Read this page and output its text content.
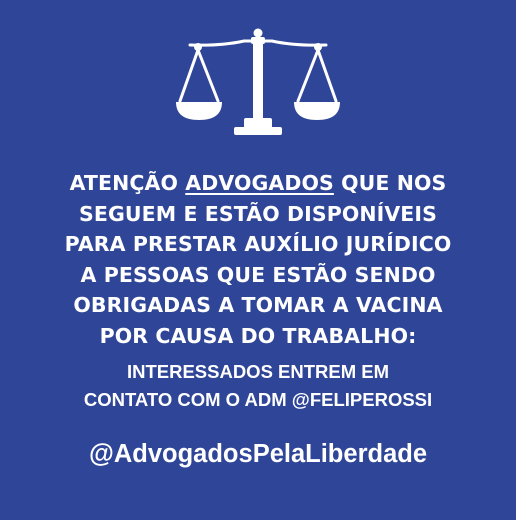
ATENÇÃO ADVOGADOS QUE NOS
SEGUEM E ESTÃO DISPONÍVEIS
PARA PRESTAR AUXÍLIO JURÍDICO
A PESSOAS QUE ESTÃO SENDO
OBRIGADAS A TOMAR A VACINA
POR CAUSA DO TRABALHO:
INTERESSADOS ENTREM EM
CONTATO COM O ADM @FELIPEROSSI
@AdvogadosPelaLiberdade
